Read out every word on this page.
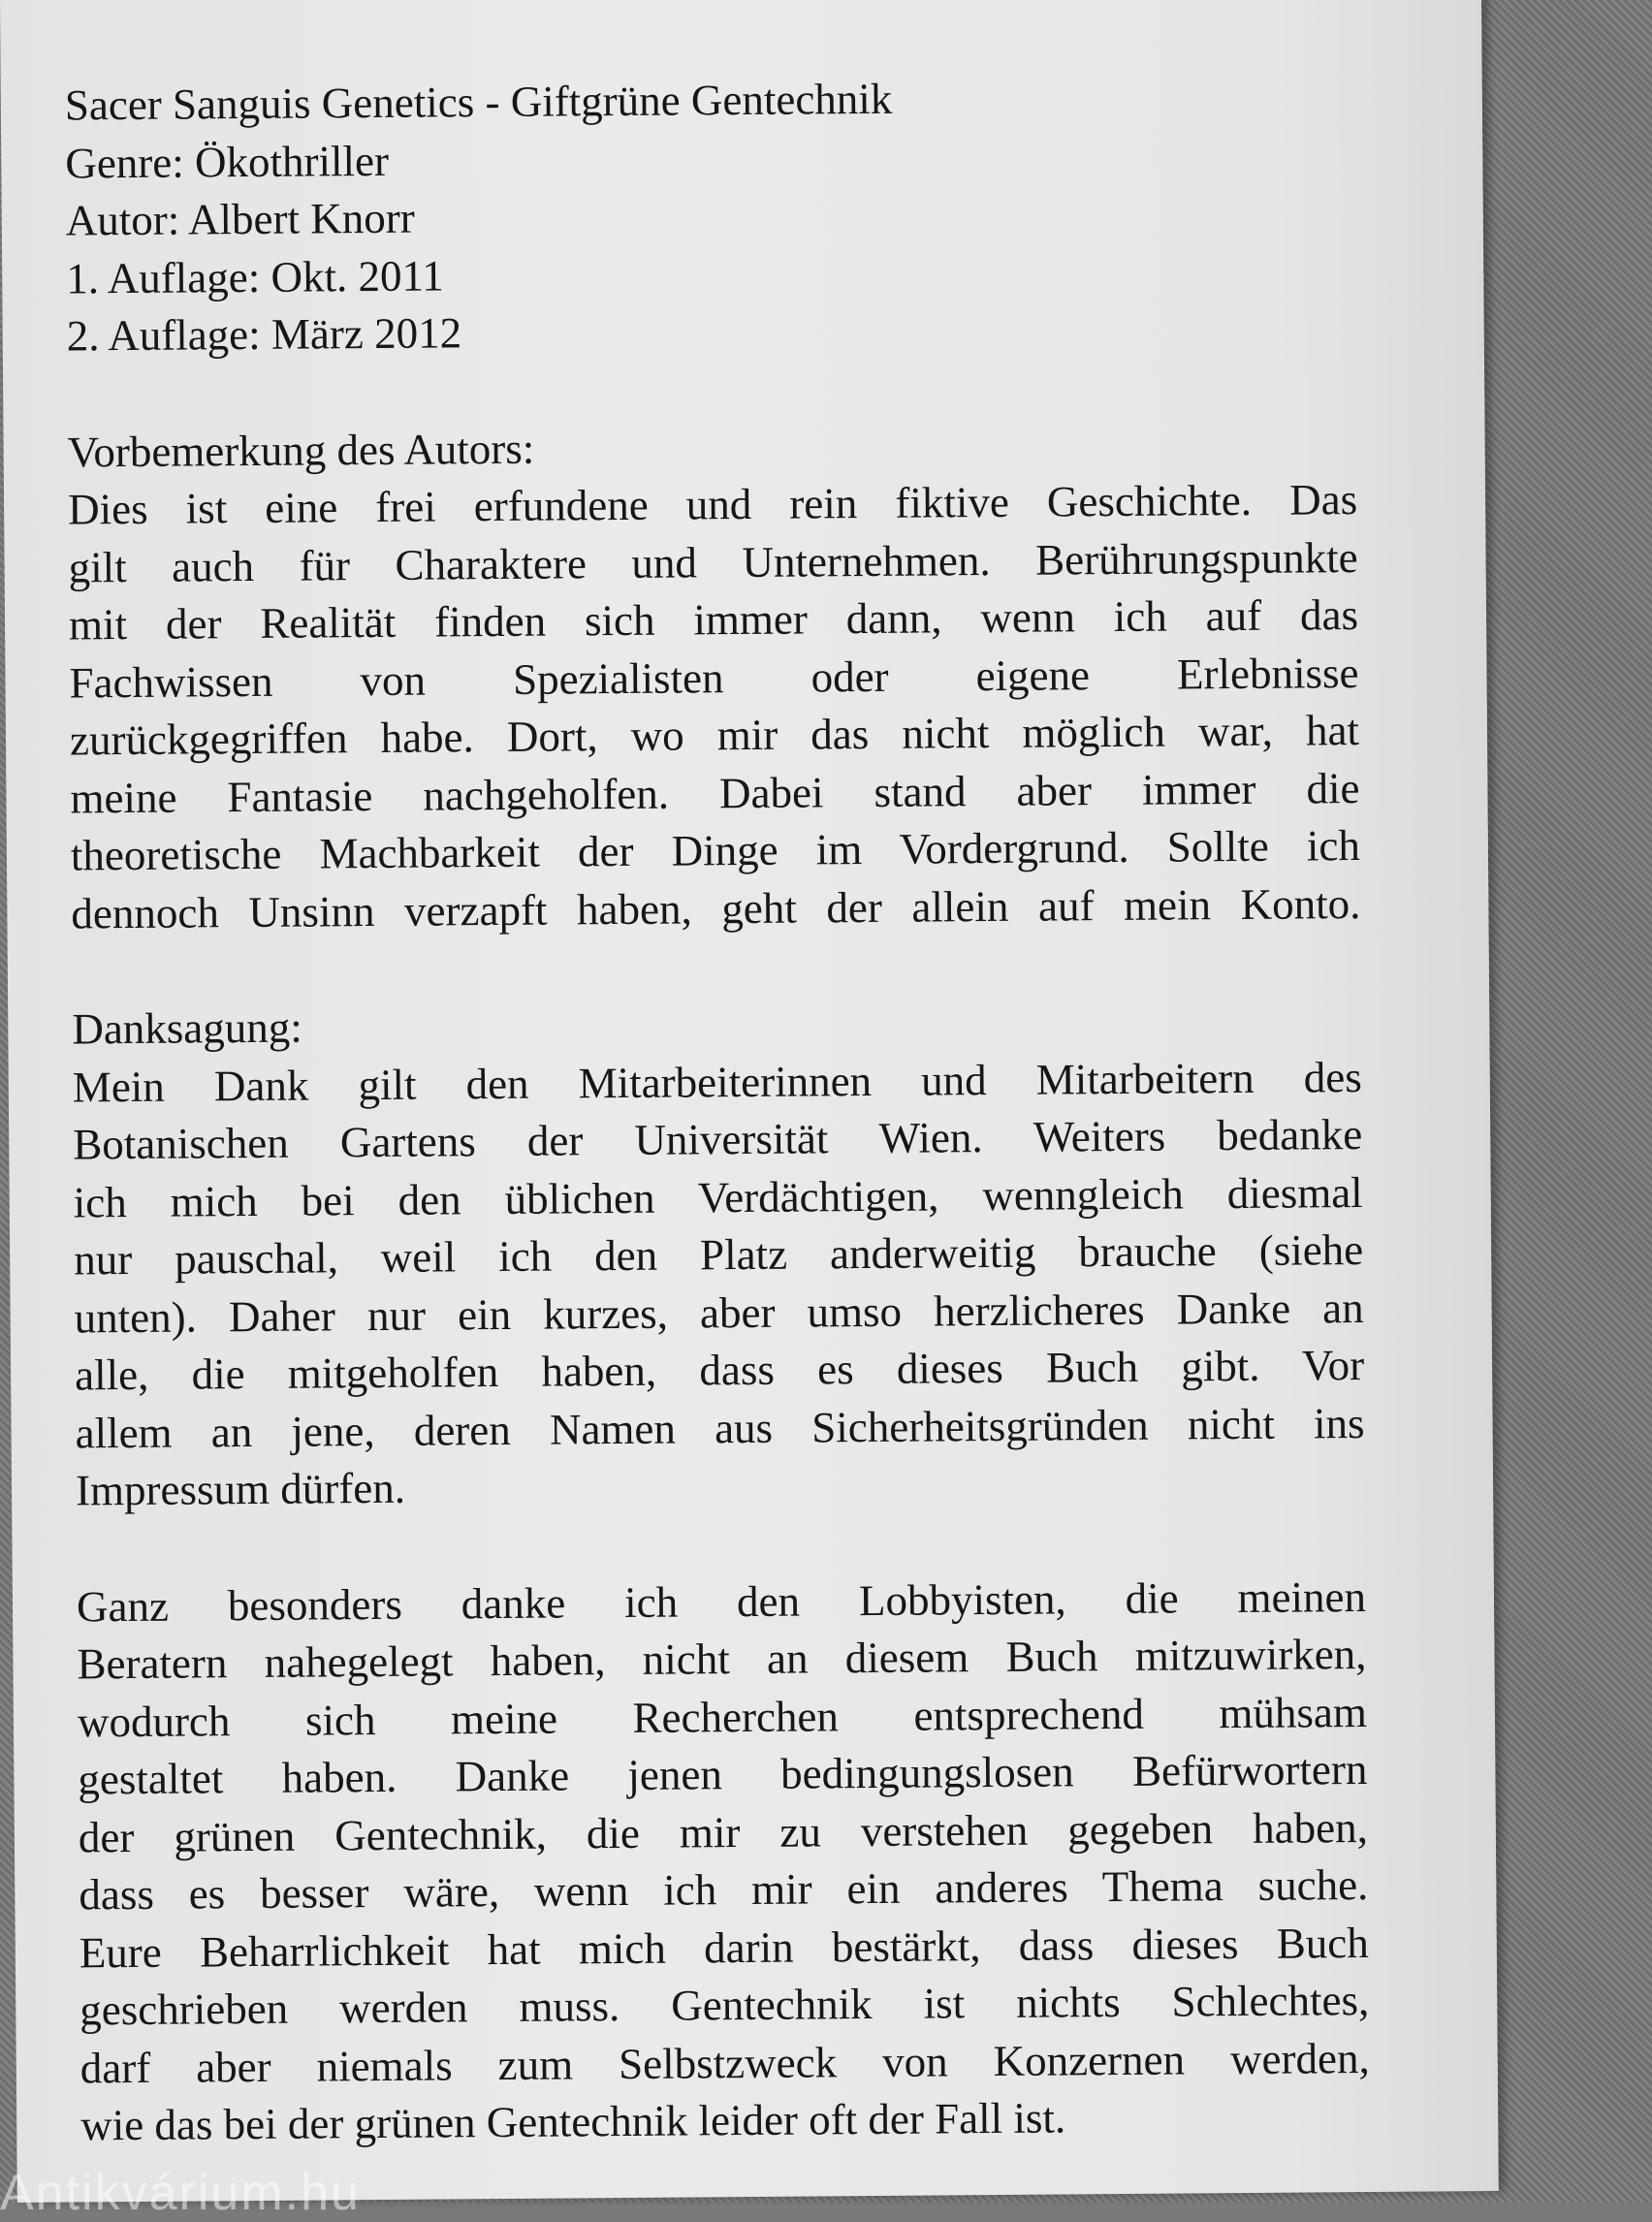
Sacer Sanguis Genetics - Giftgrüne Gentechnik
Genre: Ökothriller
Autor: Albert Knorr
1. Auflage: Okt. 2011
2. Auflage: März 2012
Vorbemerkung des Autors:
Dies ist eine frei erfundene und rein fiktive Geschichte. Das
gilt auch für Charaktere und Unternehmen. Berührungspunkte
mit der Realität finden sich immer dann, wenn ich auf das
Fachwissen von Spezialisten oder eigene Erlebnisse
zurückgegriffen habe. Dort, wo mir das nicht möglich war, hat
meine Fantasie nachgeholfen. Dabei stand aber immer die
theoretische Machbarkeit der Dinge im Vordergrund. Sollte ich
dennoch Unsinn verzapft haben, geht der allein auf mein Konto.
Danksagung:
Mein Dank gilt den Mitarbeiterinnen und Mitarbeitern des
Botanischen Gartens der Universität Wien. Weiters bedanke
ich mich bei den üblichen Verdächtigen, wenngleich diesmal
nur pauschal, weil ich den Platz anderweitig brauche (siehe
unten). Daher nur ein kurzes, aber umso herzlicheres Danke an
alle, die mitgeholfen haben, dass es dieses Buch gibt. Vor
allem an jene, deren Namen aus Sicherheitsgründen nicht ins
Impressum dürfen.
Ganz besonders danke ich den Lobbyisten, die meinen
Beratern nahegelegt haben, nicht an diesem Buch mitzuwirken,
wodurch sich meine Recherchen entsprechend mühsam
gestaltet haben. Danke jenen bedingungslosen Befürwortern
der grünen Gentechnik, die mir zu verstehen gegeben haben,
dass es besser wäre, wenn ich mir ein anderes Thema suche.
Eure Beharrlichkeit hat mich darin bestärkt, dass dieses Buch
geschrieben werden muss. Gentechnik ist nichts Schlechtes,
darf aber niemals zum Selbstzweck von Konzernen werden,
wie das bei der grünen Gentechnik leider oft der Fall ist.
Antikvárium.hu
